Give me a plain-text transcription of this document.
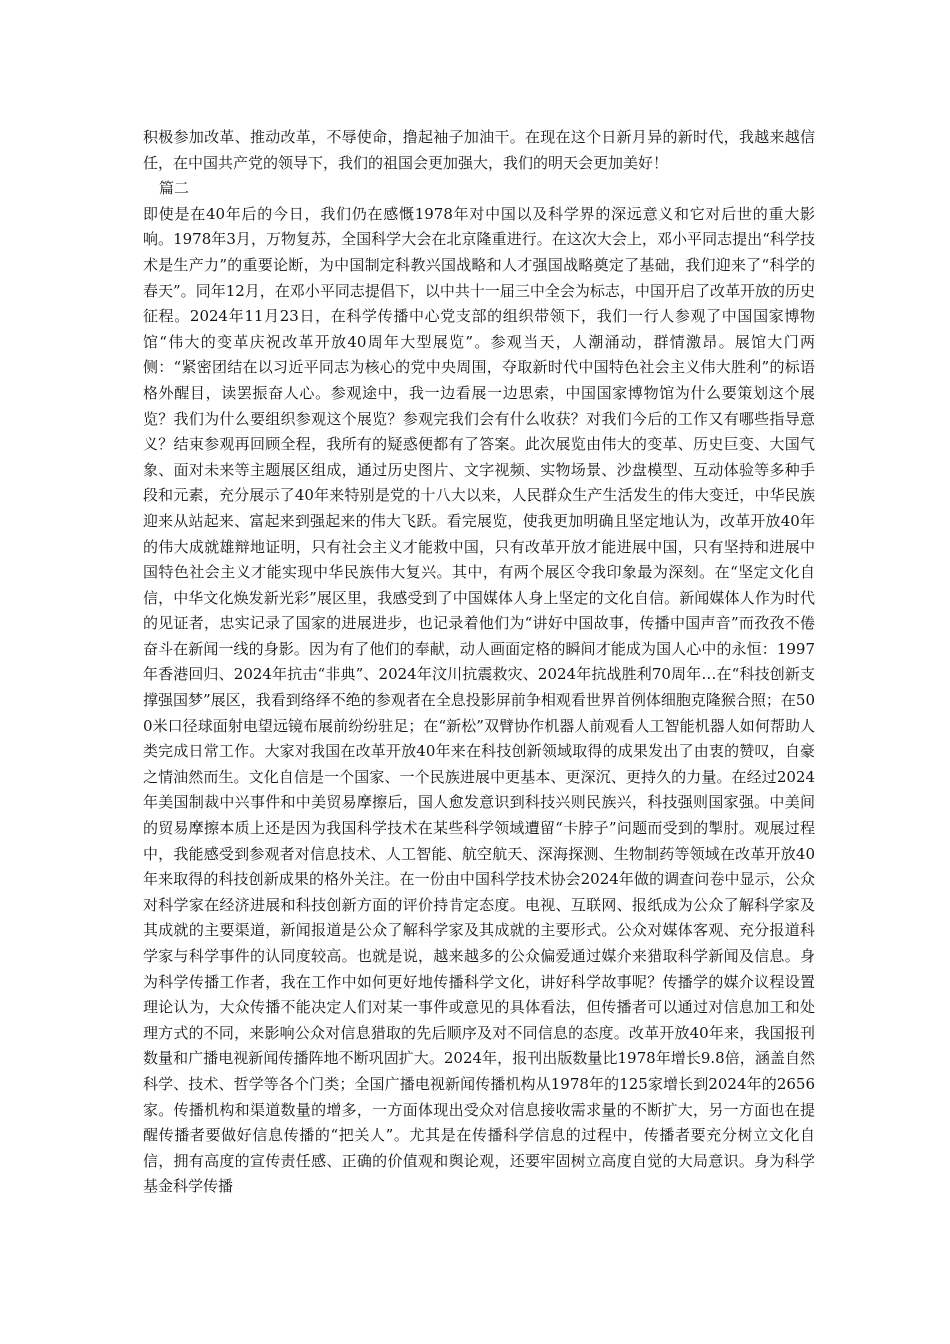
积极参加改革、推动改革，不辱使命，撸起袖子加油干。在现在这个日新月异的新时代，我越来越信任，在中国共产党的领导下，我们的祖国会更加强大，我们的明天会更加美好！

篇二

即使是在40年后的今日，我们仍在感慨1978年对中国以及科学界的深远意义和它对后世的重大影响。1978年3月，万物复苏，全国科学大会在北京隆重进行。在这次大会上，邓小平同志提出“科学技术是生产力”的重要论断，为中国制定科教兴国战略和人才强国战略奠定了基础，我们迎来了“科学的春天”。同年12月，在邓小平同志提倡下，以中共十一届三中全会为标志，中国开启了改革开放的历史征程。2024年11月23日，在科学传播中心党支部的组织带领下，我们一行人参观了中国国家博物馆“伟大的变革庆祝改革开放40周年大型展览”。参观当天，人潮涌动，群情激昂。展馆大门两侧：“紧密团结在以习近平同志为核心的党中央周围，夺取新时代中国特色社会主义伟大胜利”的标语格外醒目，读罢振奋人心。参观途中，我一边看展一边思索，中国国家博物馆为什么要策划这个展览？我们为什么要组织参观这个展览？参观完我们会有什么收获？对我们今后的工作又有哪些指导意义？结束参观再回顾全程，我所有的疑惑便都有了答案。此次展览由伟大的变革、历史巨变、大国气象、面对未来等主题展区组成，通过历史图片、文字视频、实物场景、沙盘模型、互动体验等多种手段和元素，充分展示了40年来特别是党的十八大以来，人民群众生产生活发生的伟大变迁，中华民族迎来从站起来、富起来到强起来的伟大飞跃。看完展览，使我更加明确且坚定地认为，改革开放40年的伟大成就雄辩地证明，只有社会主义才能救中国，只有改革开放才能进展中国，只有坚持和进展中国特色社会主义才能实现中华民族伟大复兴。其中，有两个展区令我印象最为深刻。在“坚定文化自信，中华文化焕发新光彩”展区里，我感受到了中国媒体人身上坚定的文化自信。新闻媒体人作为时代的见证者，忠实记录了国家的进展进步，也记录着他们为“讲好中国故事，传播中国声音”而孜孜不倦奋斗在新闻一线的身影。因为有了他们的奉献，动人画面定格的瞬间才能成为国人心中的永恒：1997年香港回归、2024年抗击“非典”、2024年汶川抗震救灾、2024年抗战胜利70周年…在“科技创新支撑强国梦”展区，我看到络绎不绝的参观者在全息投影屏前争相观看世界首例体细胞克隆猴合照；在500米口径球面射电望远镜布展前纷纷驻足；在“新松”双臂协作机器人前观看人工智能机器人如何帮助人类完成日常工作。大家对我国在改革开放40年来在科技创新领域取得的成果发出了由衷的赞叹，自豪之情油然而生。文化自信是一个国家、一个民族进展中更基本、更深沉、更持久的力量。在经过2024年美国制裁中兴事件和中美贸易摩擦后，国人愈发意识到科技兴则民族兴，科技强则国家强。中美间的贸易摩擦本质上还是因为我国科学技术在某些科学领域遭留“卡脖子”问题而受到的掣肘。观展过程中，我能感受到参观者对信息技术、人工智能、航空航天、深海探测、生物制药等领域在改革开放40年来取得的科技创新成果的格外关注。在一份由中国科学技术协会2024年做的调查问卷中显示，公众对科学家在经济进展和科技创新方面的评价持肯定态度。电视、互联网、报纸成为公众了解科学家及其成就的主要渠道，新闻报道是公众了解科学家及其成就的主要形式。公众对媒体客观、充分报道科学家与科学事件的认同度较高。也就是说，越来越多的公众偏爱通过媒介来猎取科学新闻及信息。身为科学传播工作者，我在工作中如何更好地传播科学文化，讲好科学故事呢？传播学的媒介议程设置理论认为，大众传播不能决定人们对某一事件或意见的具体看法，但传播者可以通过对信息加工和处理方式的不同，来影响公众对信息猎取的先后顺序及对不同信息的态度。改革开放40年来，我国报刊数量和广播电视新闻传播阵地不断巩固扩大。2024年，报刊出版数量比1978年增长9.8倍，涵盖自然科学、技术、哲学等各个门类；全国广播电视新闻传播机构从1978年的125家增长到2024年的2656家。传播机构和渠道数量的增多，一方面体现出受众对信息接收需求量的不断扩大，另一方面也在提醒传播者要做好信息传播的“把关人”。尤其是在传播科学信息的过程中，传播者要充分树立文化自信，拥有高度的宣传责任感、正确的价值观和舆论观，还要牢固树立高度自觉的大局意识。身为科学基金科学传播
